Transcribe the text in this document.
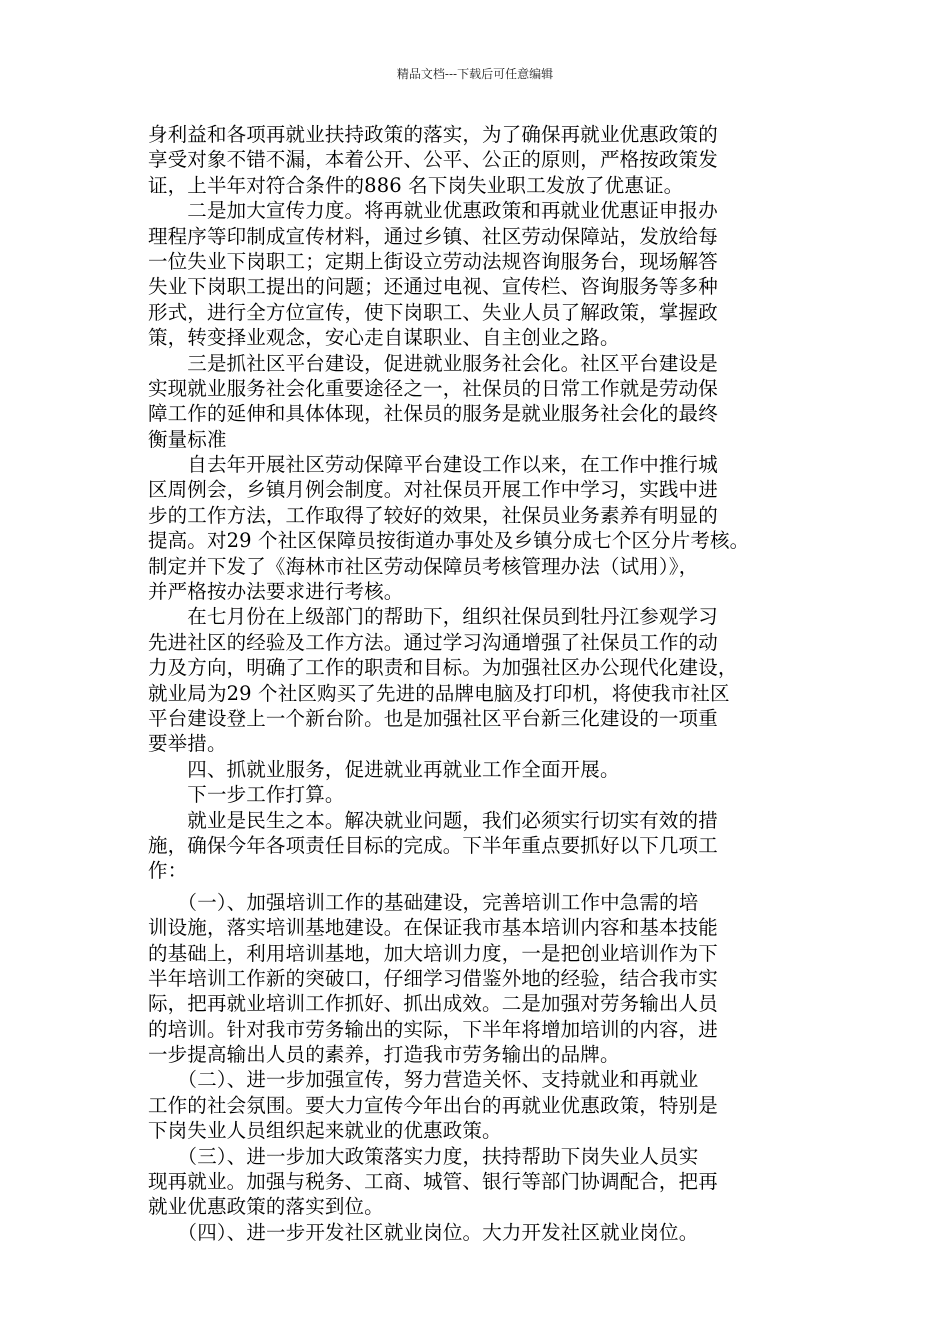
精品文档---下载后可任意编辑
身利益和各项再就业扶持政策的落实，为了确保再就业优惠政策的
享受对象不错不漏，本着公开、公平、公正的原则，严格按政策发
证，上半年对符合条件的886 名下岗失业职工发放了优惠证。
　　二是加大宣传力度。将再就业优惠政策和再就业优惠证申报办
理程序等印制成宣传材料，通过乡镇、社区劳动保障站，发放给每
一位失业下岗职工；定期上街设立劳动法规咨询服务台，现场解答
失业下岗职工提出的问题；还通过电视、宣传栏、咨询服务等多种
形式，进行全方位宣传，使下岗职工、失业人员了解政策，掌握政
策，转变择业观念，安心走自谋职业、自主创业之路。
　　三是抓社区平台建设，促进就业服务社会化。社区平台建设是
实现就业服务社会化重要途径之一，社保员的日常工作就是劳动保
障工作的延伸和具体体现，社保员的服务是就业服务社会化的最终
衡量标准
　　自去年开展社区劳动保障平台建设工作以来，在工作中推行城
区周例会，乡镇月例会制度。对社保员开展工作中学习，实践中进
步的工作方法，工作取得了较好的效果，社保员业务素养有明显的
提高。对29 个社区保障员按街道办事处及乡镇分成七个区分片考核。
制定并下发了《海林市社区劳动保障员考核管理办法（试用）》，
并严格按办法要求进行考核。
　　在七月份在上级部门的帮助下，组织社保员到牡丹江参观学习
先进社区的经验及工作方法。通过学习沟通增强了社保员工作的动
力及方向，明确了工作的职责和目标。为加强社区办公现代化建设，
就业局为29 个社区购买了先进的品牌电脑及打印机，将使我市社区
平台建设登上一个新台阶。也是加强社区平台新三化建设的一项重
要举措。
　　四、抓就业服务，促进就业再就业工作全面开展。
　　下一步工作打算。
　　就业是民生之本。解决就业问题，我们必须实行切实有效的措
施，确保今年各项责任目标的完成。下半年重点要抓好以下几项工
作：
　　（一）、加强培训工作的基础建设，完善培训工作中急需的培
训设施，落实培训基地建设。在保证我市基本培训内容和基本技能
的基础上，利用培训基地，加大培训力度，一是把创业培训作为下
半年培训工作新的突破口，仔细学习借鉴外地的经验，结合我市实
际，把再就业培训工作抓好、抓出成效。二是加强对劳务输出人员
的培训。针对我市劳务输出的实际，下半年将增加培训的内容，进
一步提高输出人员的素养，打造我市劳务输出的品牌。
　　（二）、进一步加强宣传，努力营造关怀、支持就业和再就业
工作的社会氛围。要大力宣传今年出台的再就业优惠政策，特别是
下岗失业人员组织起来就业的优惠政策。
　　（三）、进一步加大政策落实力度，扶持帮助下岗失业人员实
现再就业。加强与税务、工商、城管、银行等部门协调配合，把再
就业优惠政策的落实到位。
　　（四）、进一步开发社区就业岗位。大力开发社区就业岗位。
